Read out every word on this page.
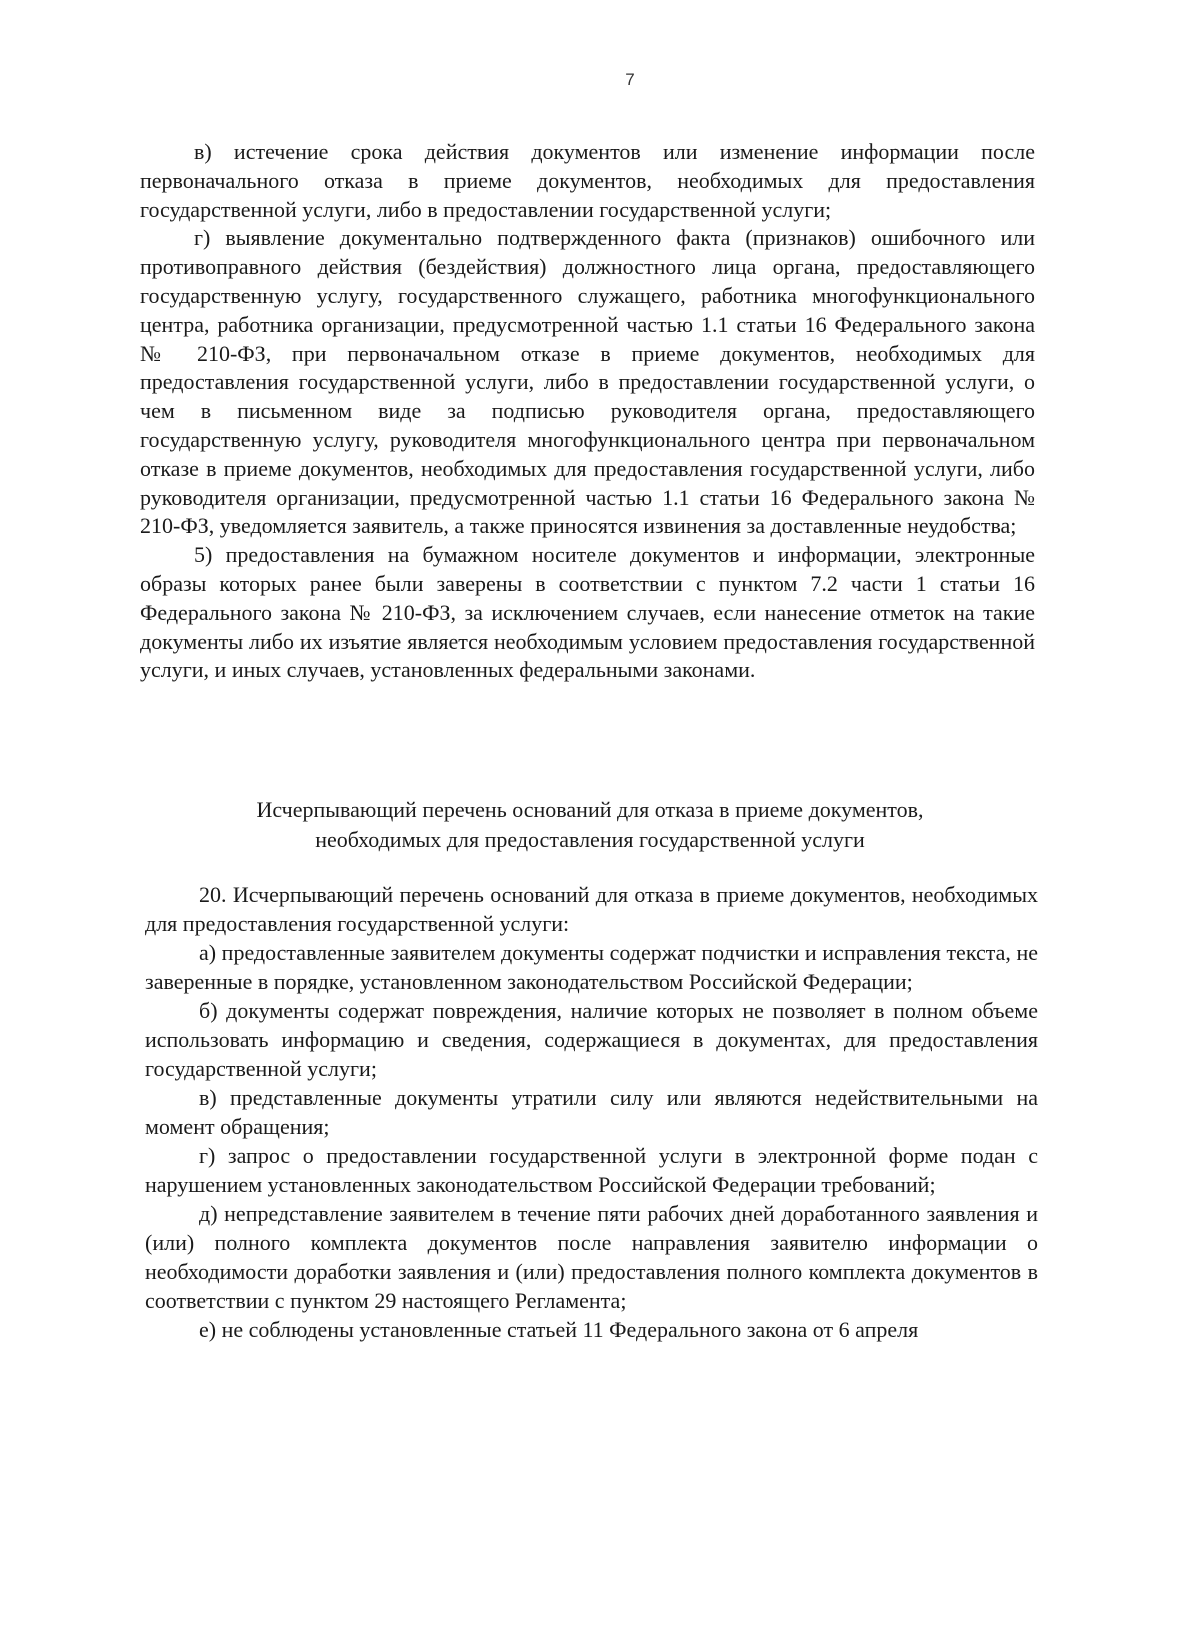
7

в) истечение срока действия документов или изменение информации после первоначального отказа в приеме документов, необходимых для предоставления государственной услуги, либо в предоставлении государственной услуги;

г) выявление документально подтвержденного факта (признаков) ошибочного или противоправного действия (бездействия) должностного лица органа, предоставляющего государственную услугу, государственного служащего, работника многофункционального центра, работника организации, предусмотренной частью 1.1 статьи 16 Федерального закона № 210-ФЗ, при первоначальном отказе в приеме документов, необходимых для предоставления государственной услуги, либо в предоставлении государственной услуги, о чем в письменном виде за подписью руководителя органа, предоставляющего государственную услугу, руководителя многофункционального центра при первоначальном отказе в приеме документов, необходимых для предоставления государственной услуги, либо руководителя организации, предусмотренной частью 1.1 статьи 16 Федерального закона № 210-ФЗ, уведомляется заявитель, а также приносятся извинения за доставленные неудобства;

5) предоставления на бумажном носителе документов и информации, электронные образы которых ранее были заверены в соответствии с пунктом 7.2 части 1 статьи 16 Федерального закона № 210-ФЗ, за исключением случаев, если нанесение отметок на такие документы либо их изъятие является необходимым условием предоставления государственной услуги, и иных случаев, установленных федеральными законами.

Исчерпывающий перечень оснований для отказа в приеме документов,
необходимых для предоставления государственной услуги

20. Исчерпывающий перечень оснований для отказа в приеме документов, необходимых для предоставления государственной услуги:

а) предоставленные заявителем документы содержат подчистки и исправления текста, не заверенные в порядке, установленном законодательством Российской Федерации;

б) документы содержат повреждения, наличие которых не позволяет в полном объеме использовать информацию и сведения, содержащиеся в документах, для предоставления государственной услуги;

в) представленные документы утратили силу или являются недействительными на момент обращения;

г) запрос о предоставлении государственной услуги в электронной форме подан с нарушением установленных законодательством Российской Федерации требований;

д) непредставление заявителем в течение пяти рабочих дней доработанного заявления и (или) полного комплекта документов после направления заявителю информации о необходимости доработки заявления и (или) предоставления полного комплекта документов в соответствии с пунктом 29 настоящего Регламента;

е) не соблюдены установленные статьей 11 Федерального закона от 6 апреля
